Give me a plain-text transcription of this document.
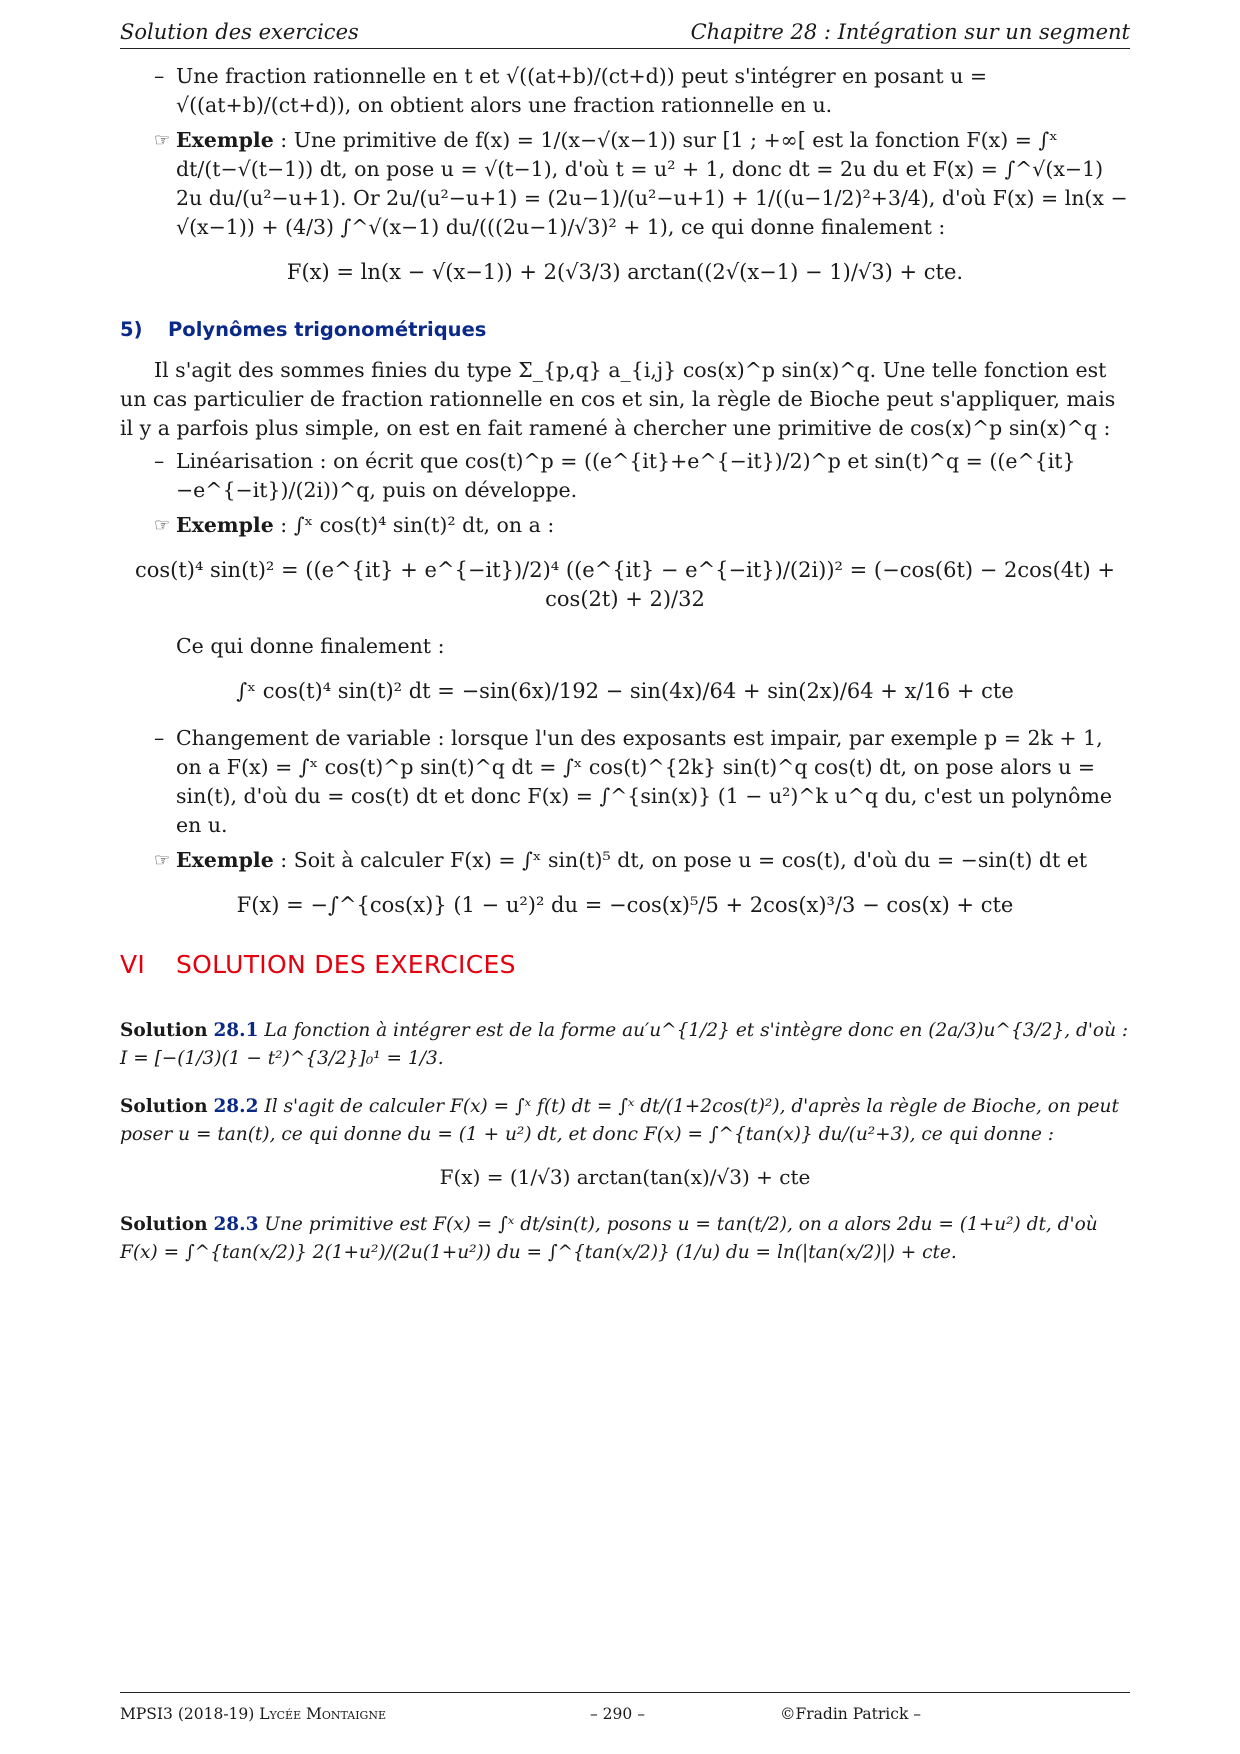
Solution des exercices	Chapitre 28 : Intégration sur un segment

– Une fraction rationnelle en t et √((at+b)/(ct+d)) peut s'intégrer en posant u = √((at+b)/(ct+d)), on obtient alors une fraction rationnelle en u.

☞ Exemple : Une primitive de f(x) = 1/(x−√(x−1)) sur [1 ; +∞[ est la fonction F(x) = ∫ˣ dt/(t−√(t−1)) dt, on pose u = √(t−1), d'où t = u² + 1, donc dt = 2u du et F(x) = ∫^√(x−1) 2u du/(u²−u+1). Or 2u/(u²−u+1) = (2u−1)/(u²−u+1) + 1/((u−1/2)²+3/4), d'où F(x) = ln(x − √(x−1)) + (4/3) ∫^√(x−1) du/(((2u−1)/√3)² + 1), ce qui donne finalement :

F(x) = ln(x − √(x−1)) + 2(√3/3) arctan((2√(x−1) − 1)/√3) + cte.

5) Polynômes trigonométriques

Il s'agit des sommes finies du type Σ_{p,q} a_{i,j} cos(x)^p sin(x)^q. Une telle fonction est un cas particulier de fraction rationnelle en cos et sin, la règle de Bioche peut s'appliquer, mais il y a parfois plus simple, on est en fait ramené à chercher une primitive de cos(x)^p sin(x)^q :

– Linéarisation : on écrit que cos(t)^p = ((e^{it}+e^{−it})/2)^p et sin(t)^q = ((e^{it}−e^{−it})/(2i))^q, puis on développe.

☞ Exemple : ∫ˣ cos(t)⁴ sin(t)² dt, on a :

cos(t)⁴ sin(t)² = ((e^{it} + e^{−it})/2)⁴ ((e^{it} − e^{−it})/(2i))² = (−cos(6t) − 2cos(4t) + cos(2t) + 2)/32

Ce qui donne finalement :

∫ˣ cos(t)⁴ sin(t)² dt = −sin(6x)/192 − sin(4x)/64 + sin(2x)/64 + x/16 + cte

– Changement de variable : lorsque l'un des exposants est impair, par exemple p = 2k + 1, on a F(x) = ∫ˣ cos(t)^p sin(t)^q dt = ∫ˣ cos(t)^{2k} sin(t)^q cos(t) dt, on pose alors u = sin(t), d'où du = cos(t) dt et donc F(x) = ∫^{sin(x)} (1 − u²)^k u^q du, c'est un polynôme en u.

☞ Exemple : Soit à calculer F(x) = ∫ˣ sin(t)⁵ dt, on pose u = cos(t), d'où du = −sin(t) dt et

F(x) = −∫^{cos(x)} (1 − u²)² du = −cos(x)⁵/5 + 2cos(x)³/3 − cos(x) + cte

VI SOLUTION DES EXERCICES
Solution 28.1 La fonction à intégrer est de la forme au′u^{1/2} et s'intègre donc en (2a/3)u^{3/2}, d'où : I = [−(1/3)(1 − t²)^{3/2}]₀¹ = 1/3.
Solution 28.2 Il s'agit de calculer F(x) = ∫ˣ f(t) dt = ∫ˣ dt/(1+2cos(t)²), d'après la règle de Bioche, on peut poser u = tan(t), ce qui donne du = (1 + u²) dt, et donc F(x) = ∫^{tan(x)} du/(u²+3), ce qui donne :
F(x) = (1/√3) arctan(tan(x)/√3) + cte
Solution 28.3 Une primitive est F(x) = ∫ˣ dt/sin(t), posons u = tan(t/2), on a alors 2du = (1+u²) dt, d'où F(x) = ∫^{tan(x/2)} 2(1+u²)/(2u(1+u²)) du = ∫^{tan(x/2)} (1/u) du = ln(|tan(x/2)|) + cte.
MPSI3 (2018-19) Lycée Montaigne	– 290 –	©Fradin Patrick –
